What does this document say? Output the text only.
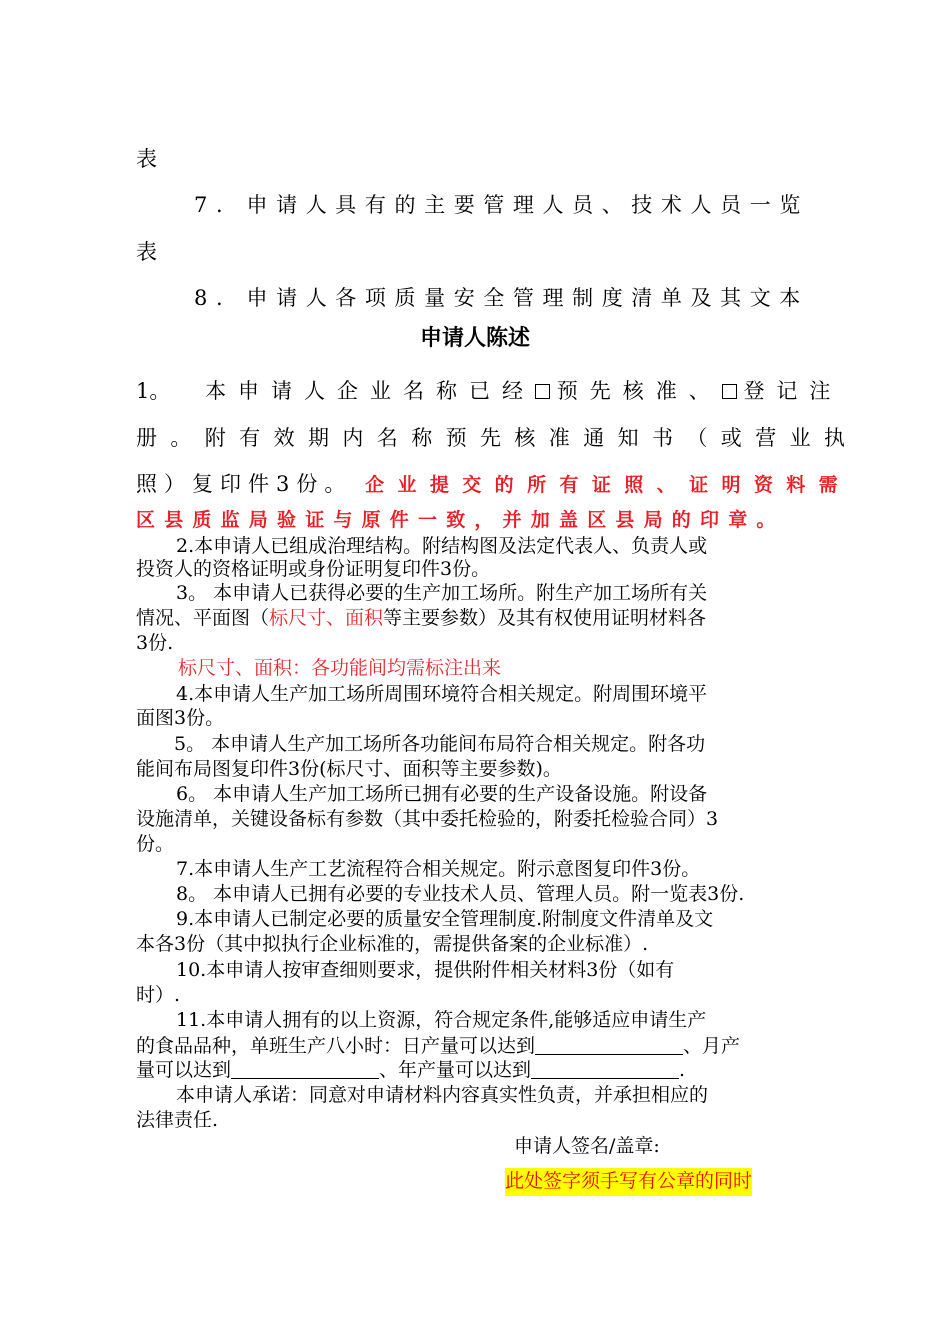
表

7. 申请人具有的主要管理人员、技术人员一览

表

8. 申请人各项质量安全管理制度清单及其文本

申请人陈述

1。 本申请人企业名称已经 预先核准、 登记注

册。附有效期内名称预先核准通知书（或营业执

照）复印件3份。 企业提交的所有证照、证明资料需

区县质监局验证与原件一致，并加盖区县局的印章。

2.本申请人已组成治理结构。附结构图及法定代表人、负责人或

投资人的资格证明或身份证明复印件3份。

3。 本申请人已获得必要的生产加工场所。附生产加工场所有关

情况、平面图（标尺寸、面积等主要参数）及其有权使用证明材料各

3份.

标尺寸、面积：各功能间均需标注出来

4.本申请人生产加工场所周围环境符合相关规定。附周围环境平

面图3份。

5。 本申请人生产加工场所各功能间布局符合相关规定。附各功

能间布局图复印件3份(标尺寸、面积等主要参数)。

6。 本申请人生产加工场所已拥有必要的生产设备设施。附设备

设施清单，关键设备标有参数（其中委托检验的，附委托检验合同）3

份。

7.本申请人生产工艺流程符合相关规定。附示意图复印件3份。

8。 本申请人已拥有必要的专业技术人员、管理人员。附一览表3份.

9.本申请人已制定必要的质量安全管理制度.附制度文件清单及文

本各3份（其中拟执行企业标准的，需提供备案的企业标准）.

10.本申请人按审查细则要求，提供附件相关材料3份（如有

时）.

11.本申请人拥有的以上资源，符合规定条件,能够适应申请生产

的食品品种，单班生产八小时：日产量可以达到	、月产
量可以达到	、年产量可以达到	.

本申请人承诺：同意对申请材料内容真实性负责，并承担相应的

法律责任.

申请人签名/盖章:

此处签字须手写有公章的同时
